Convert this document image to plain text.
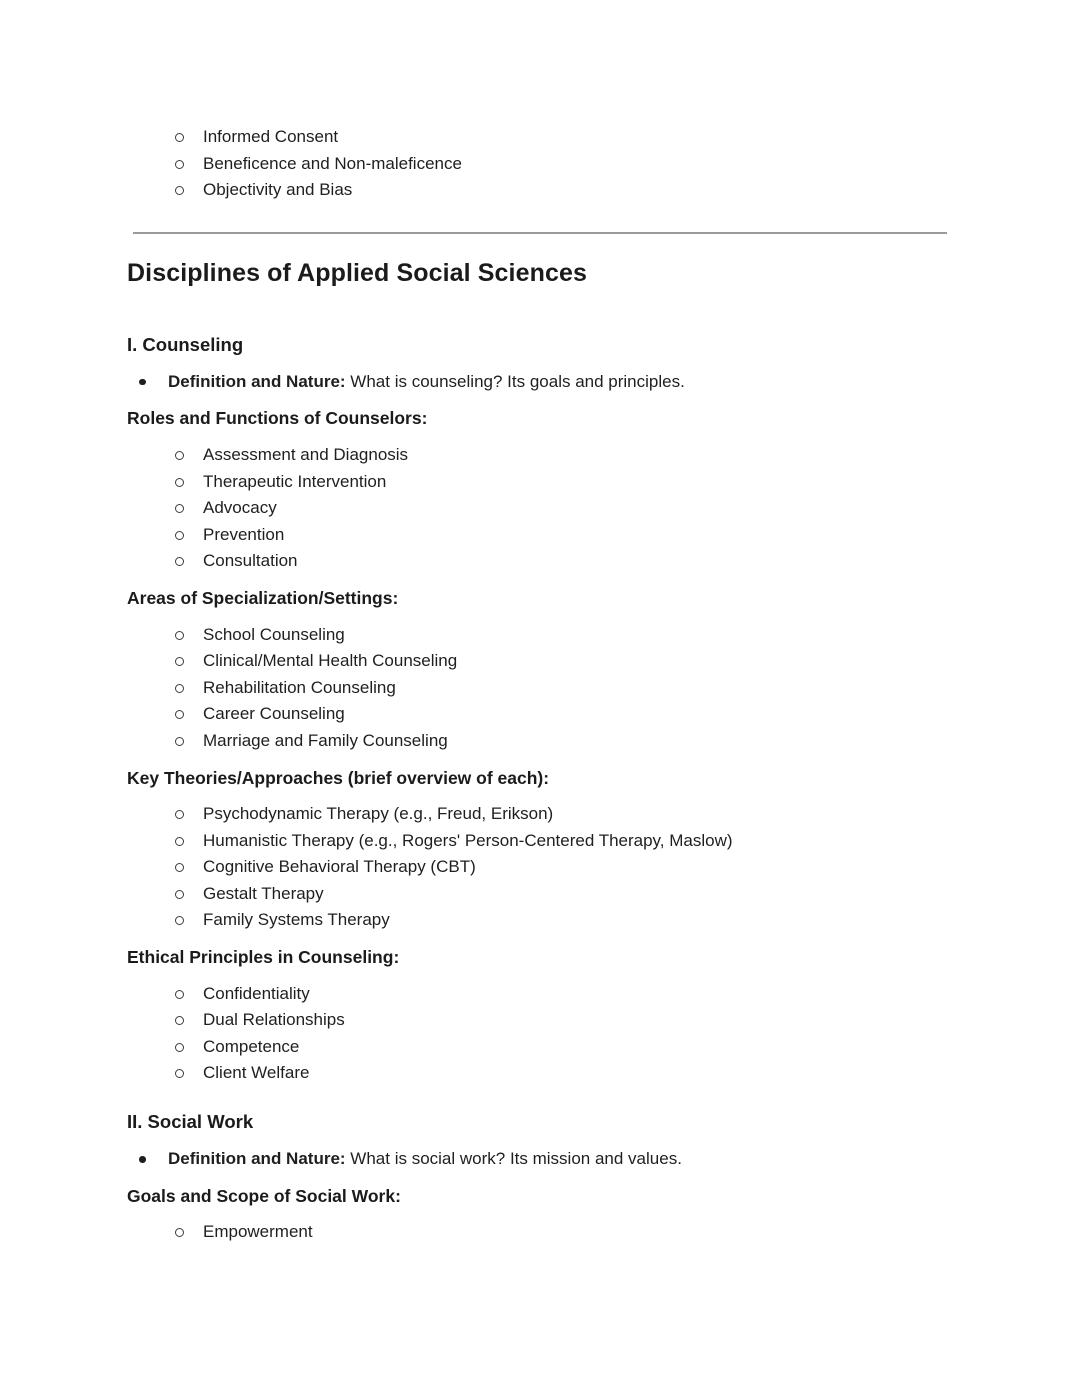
Informed Consent
Beneficence and Non-maleficence
Objectivity and Bias
Disciplines of Applied Social Sciences
I. Counseling
Definition and Nature: What is counseling? Its goals and principles.

Roles and Functions of Counselors:

Assessment and Diagnosis
Therapeutic Intervention
Advocacy
Prevention
Consultation

Areas of Specialization/Settings:

School Counseling
Clinical/Mental Health Counseling
Rehabilitation Counseling
Career Counseling
Marriage and Family Counseling

Key Theories/Approaches (brief overview of each):

Psychodynamic Therapy (e.g., Freud, Erikson)
Humanistic Therapy (e.g., Rogers' Person-Centered Therapy, Maslow)
Cognitive Behavioral Therapy (CBT)
Gestalt Therapy
Family Systems Therapy

Ethical Principles in Counseling:

Confidentiality
Dual Relationships
Competence
Client Welfare
II. Social Work
Definition and Nature: What is social work? Its mission and values.

Goals and Scope of Social Work:

Empowerment
